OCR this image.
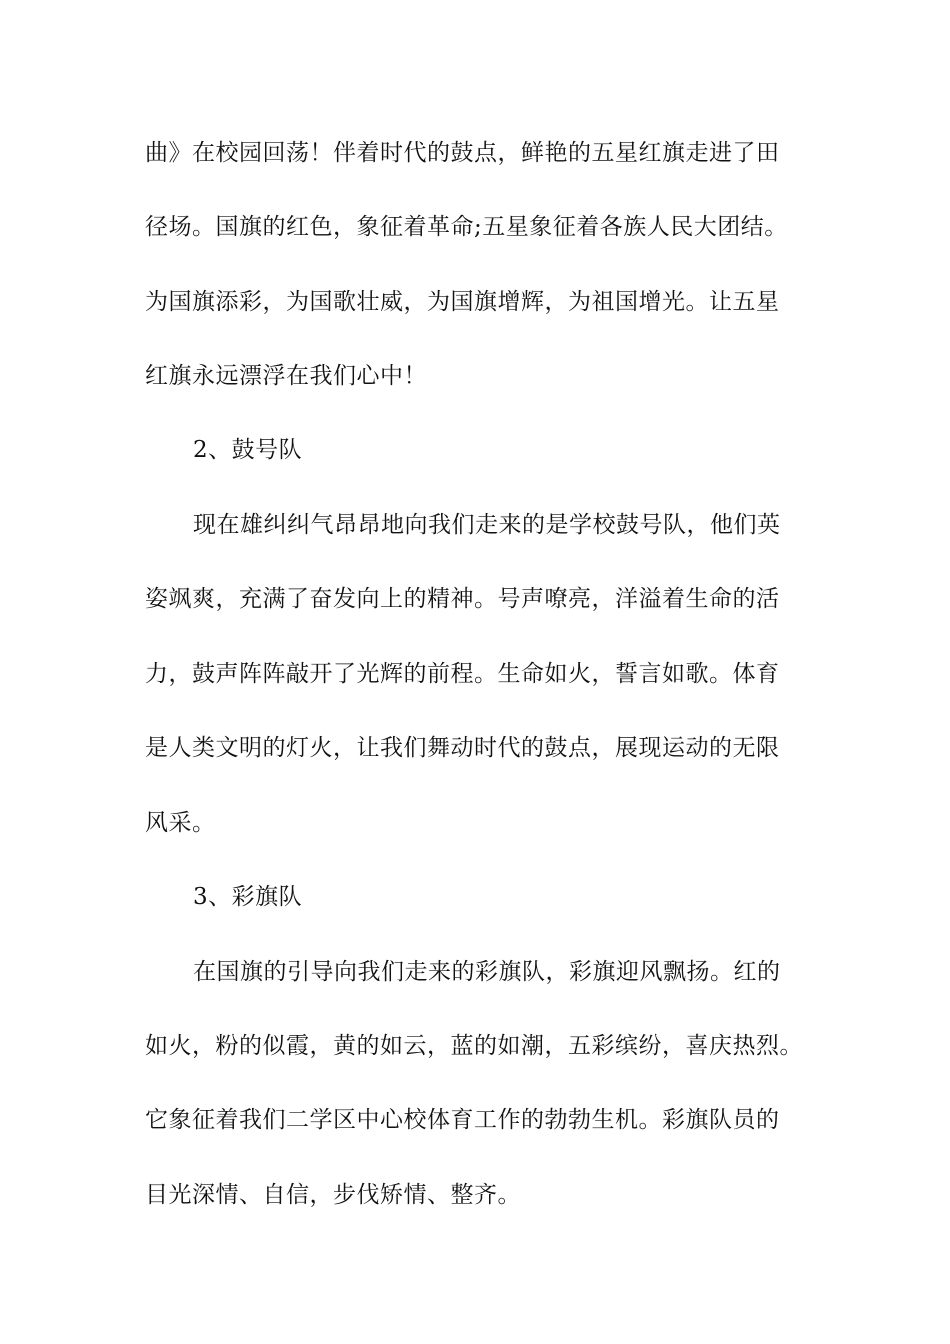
曲》在校园回荡！伴着时代的鼓点，鲜艳的五星红旗走进了田
径场。国旗的红色，象征着革命;五星象征着各族人民大团结。
为国旗添彩，为国歌壮威，为国旗增辉，为祖国增光。让五星
红旗永远漂浮在我们心中！
2、鼓号队
现在雄纠纠气昂昂地向我们走来的是学校鼓号队，他们英
姿飒爽，充满了奋发向上的精神。号声嘹亮，洋溢着生命的活
力，鼓声阵阵敲开了光辉的前程。生命如火，誓言如歌。体育
是人类文明的灯火，让我们舞动时代的鼓点，展现运动的无限
风采。
3、彩旗队
在国旗的引导向我们走来的彩旗队，彩旗迎风飘扬。红的
如火，粉的似霞，黄的如云，蓝的如潮，五彩缤纷，喜庆热烈。
它象征着我们二学区中心校体育工作的勃勃生机。彩旗队员的
目光深情、自信，步伐矫情、整齐。
